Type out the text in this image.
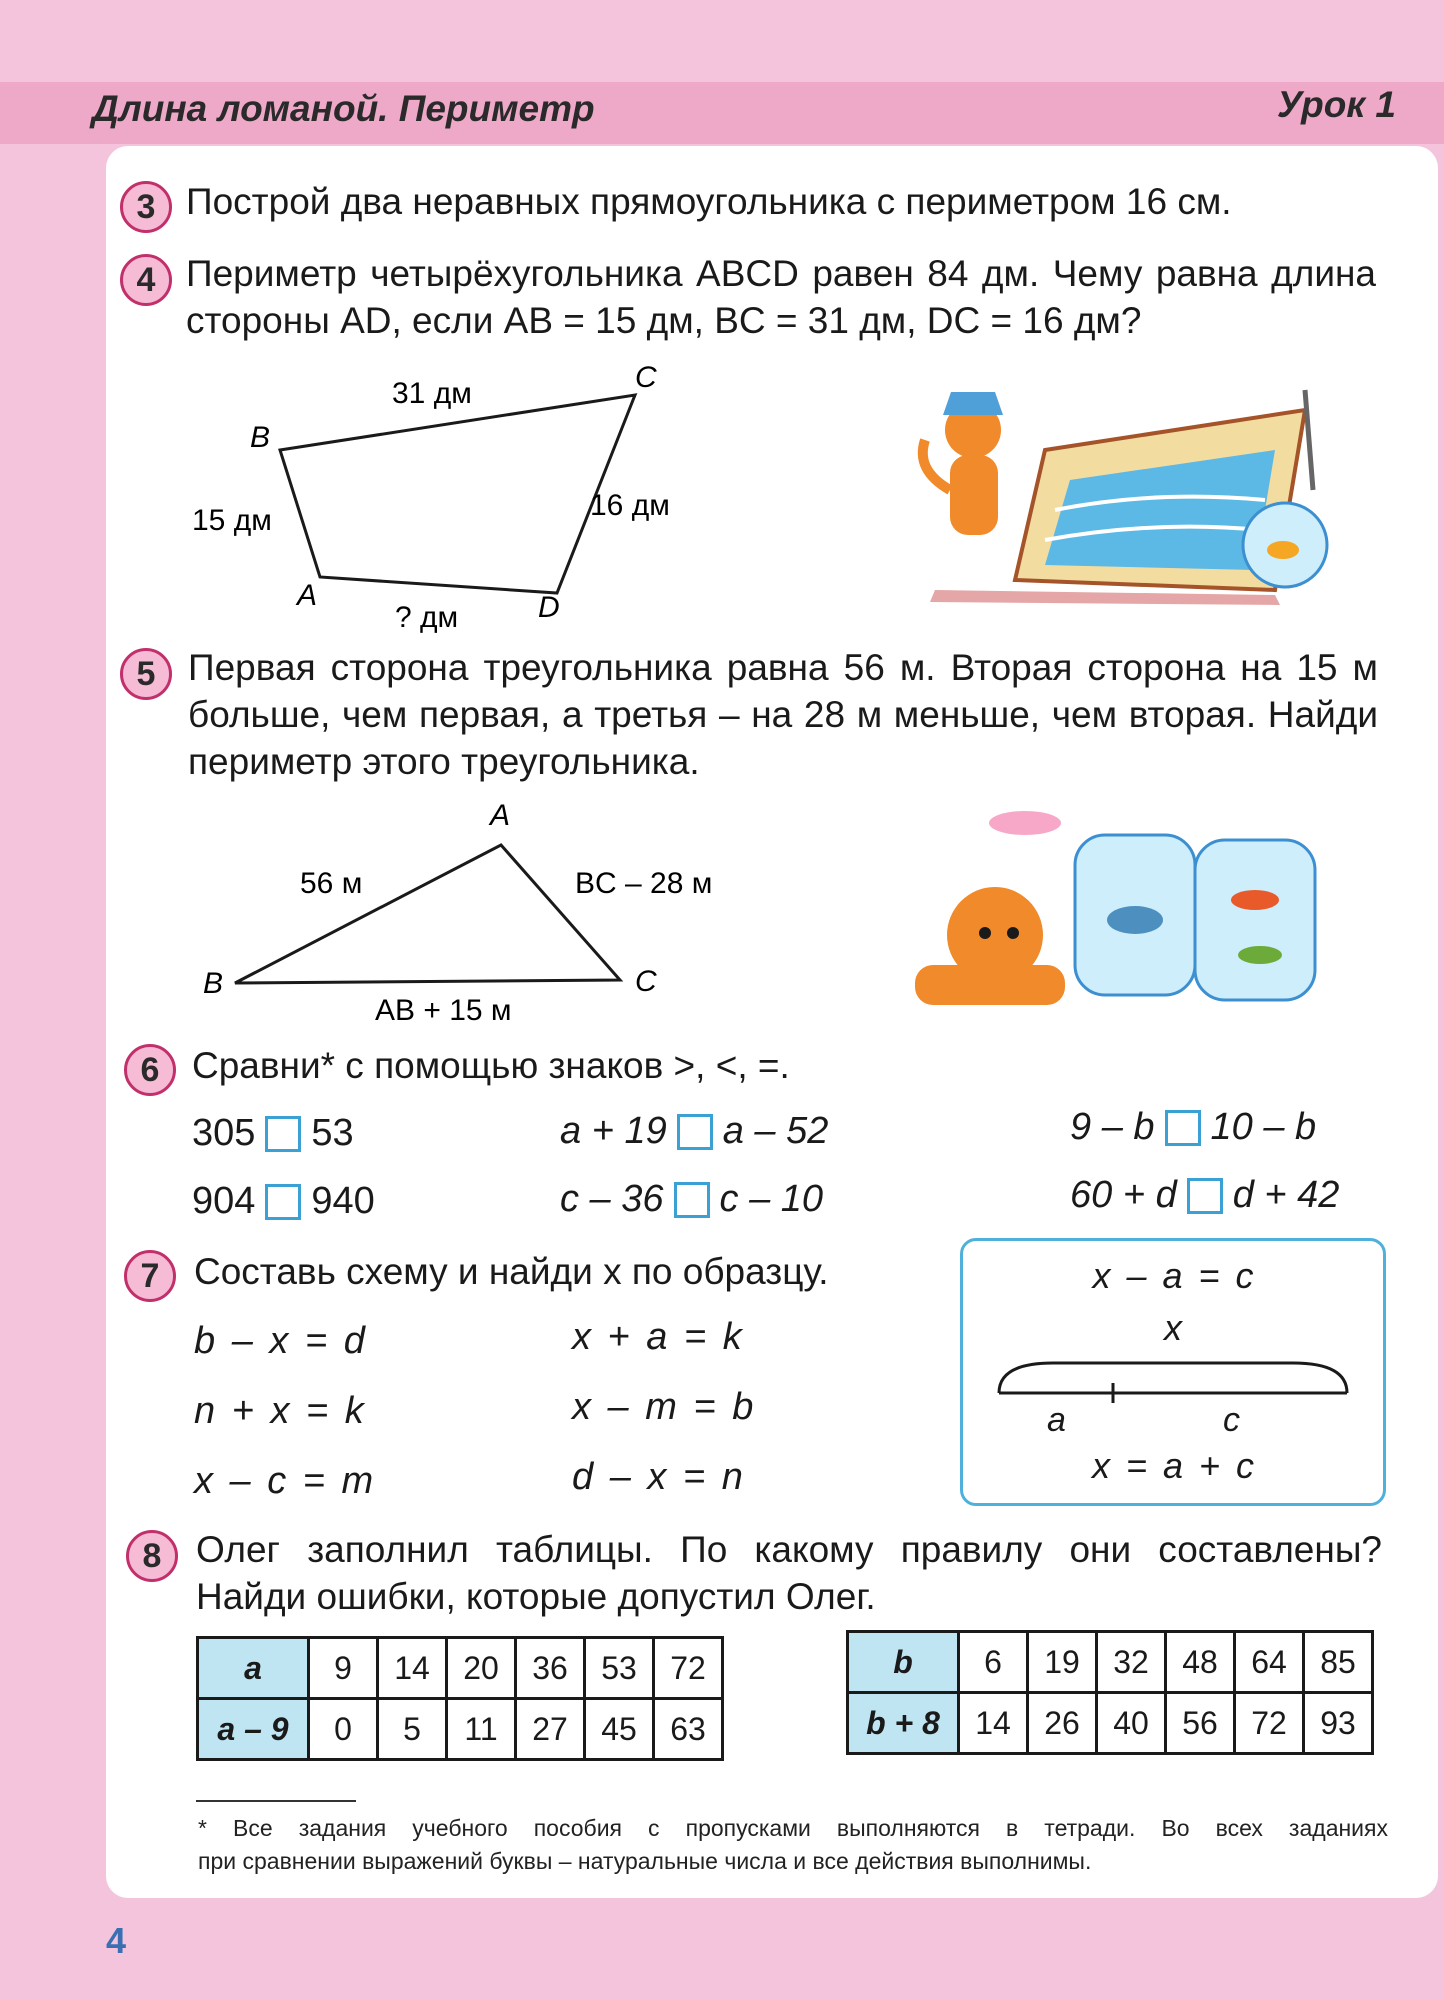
Длина ломаной. Периметр	Урок 1
3 Построй два неравных прямоугольника с периметром 16 см.
4 Периметр четырёхугольника ABCD равен 84 дм. Чему равна длина стороны AD, если AB = 15 дм, BC = 31 дм, DC = 16 дм?
B
C
A	D
31 дм
15 дм	16 дм
? дм
5 Первая сторона треугольника равна 56 м. Вторая сторона на 15 м больше, чем первая, а третья – на 28 м меньше, чем вторая. Найди периметр этого треугольника.
A
B	C
56 м	BC – 28 м
AB + 15 м
6 Сравни* с помощью знаков >, <, =.
305 53
904 940
a + 19 a – 52
c – 36 c – 10
9 – b 10 – b
60 + d d + 42
7 Составь схему и найди x по образцу.
b – x = d
n + x = k
x – c = m
x + a = k
x – m = b
d – x = n
x – a = c
x
a	c
x = a + c
8 Олег заполнил таблицы. По какому правилу они составлены? Найди ошибки, которые допустил Олег.
a	9	14	20	36	53	72
a – 9	0	5	11	27	45	63
b	6	19	32	48	64	85
b + 8	14	26	40	56	72	93
* Все задания учебного пособия с пропусками выполняются в тетради. Во всех заданиях
при сравнении выражений буквы – натуральные числа и все действия выполнимы.
4
